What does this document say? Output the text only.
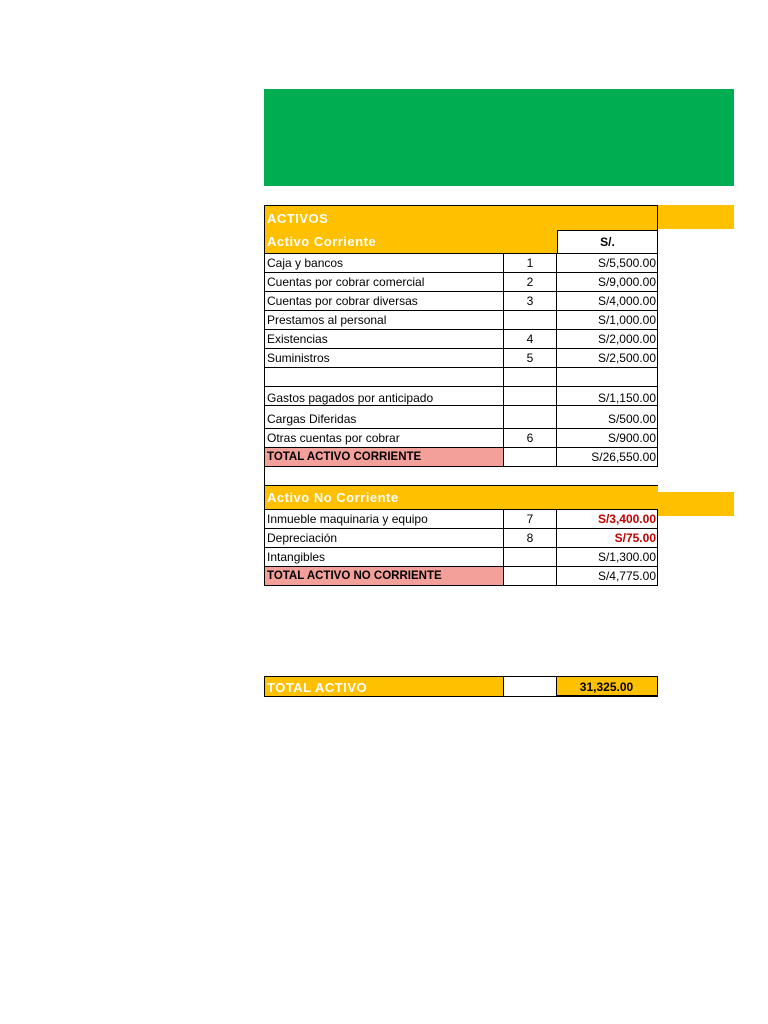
ACTIVOS
Activo Corriente	S/.
Caja y bancos	1	S/5,500.00
Cuentas por cobrar comercial	2	S/9,000.00
Cuentas por cobrar diversas	3	S/4,000.00
Prestamos al personal	S/1,000.00
Existencias	4	S/2,000.00
Suministros	5	S/2,500.00
Gastos pagados por anticipado	S/1,150.00
Cargas Diferidas	S/500.00
Otras cuentas por cobrar	6	S/900.00
TOTAL ACTIVO CORRIENTE	S/26,550.00
Activo No Corriente
Inmueble maquinaria y equipo	7	S/3,400.00
Depreciación	8	S/75.00
Intangibles	S/1,300.00
TOTAL ACTIVO NO CORRIENTE	S/4,775.00
TOTAL ACTIVO	31,325.00
